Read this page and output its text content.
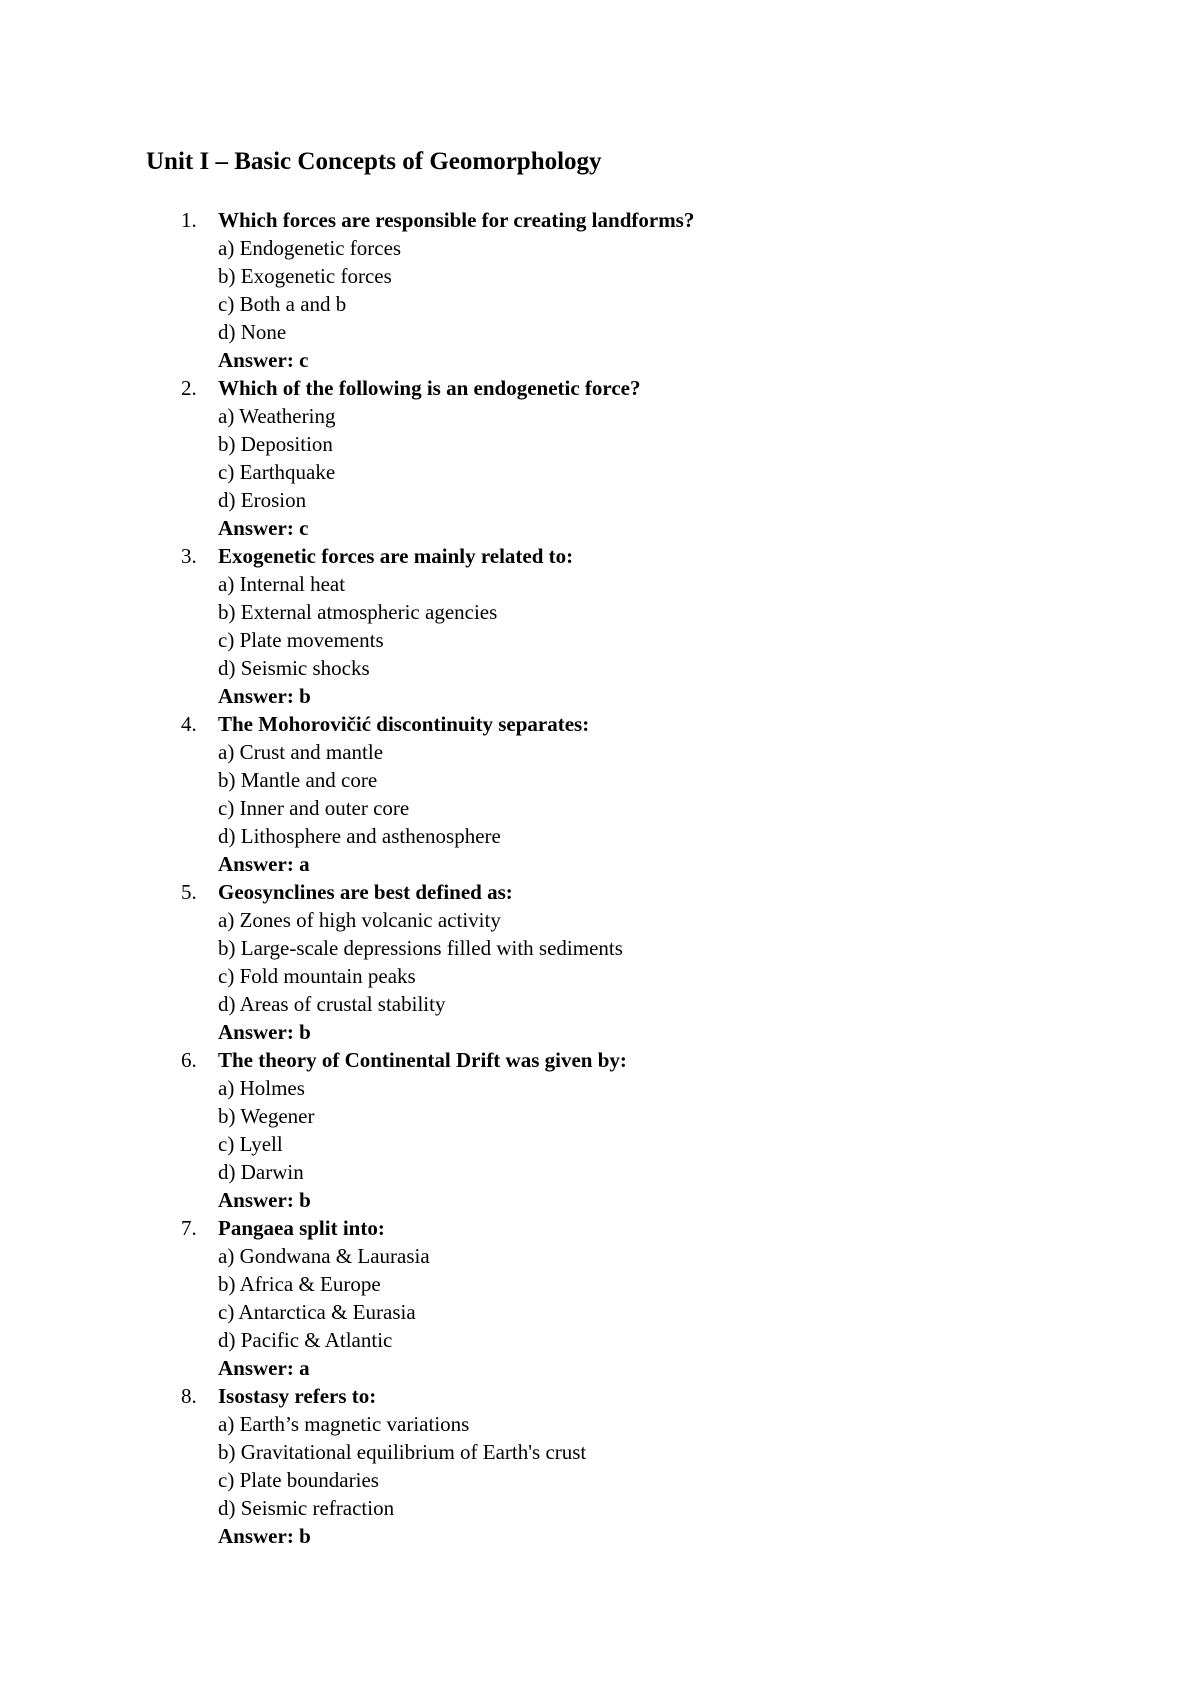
Unit I – Basic Concepts of Geomorphology
1. Which forces are responsible for creating landforms?
a) Endogenetic forces
b) Exogenetic forces
c) Both a and b
d) None
Answer: c
2. Which of the following is an endogenetic force?
a) Weathering
b) Deposition
c) Earthquake
d) Erosion
Answer: c
3. Exogenetic forces are mainly related to:
a) Internal heat
b) External atmospheric agencies
c) Plate movements
d) Seismic shocks
Answer: b
4. The Mohorovičić discontinuity separates:
a) Crust and mantle
b) Mantle and core
c) Inner and outer core
d) Lithosphere and asthenosphere
Answer: a
5. Geosynclines are best defined as:
a) Zones of high volcanic activity
b) Large-scale depressions filled with sediments
c) Fold mountain peaks
d) Areas of crustal stability
Answer: b
6. The theory of Continental Drift was given by:
a) Holmes
b) Wegener
c) Lyell
d) Darwin
Answer: b
7. Pangaea split into:
a) Gondwana & Laurasia
b) Africa & Europe
c) Antarctica & Eurasia
d) Pacific & Atlantic
Answer: a
8. Isostasy refers to:
a) Earth’s magnetic variations
b) Gravitational equilibrium of Earth's crust
c) Plate boundaries
d) Seismic refraction
Answer: b
